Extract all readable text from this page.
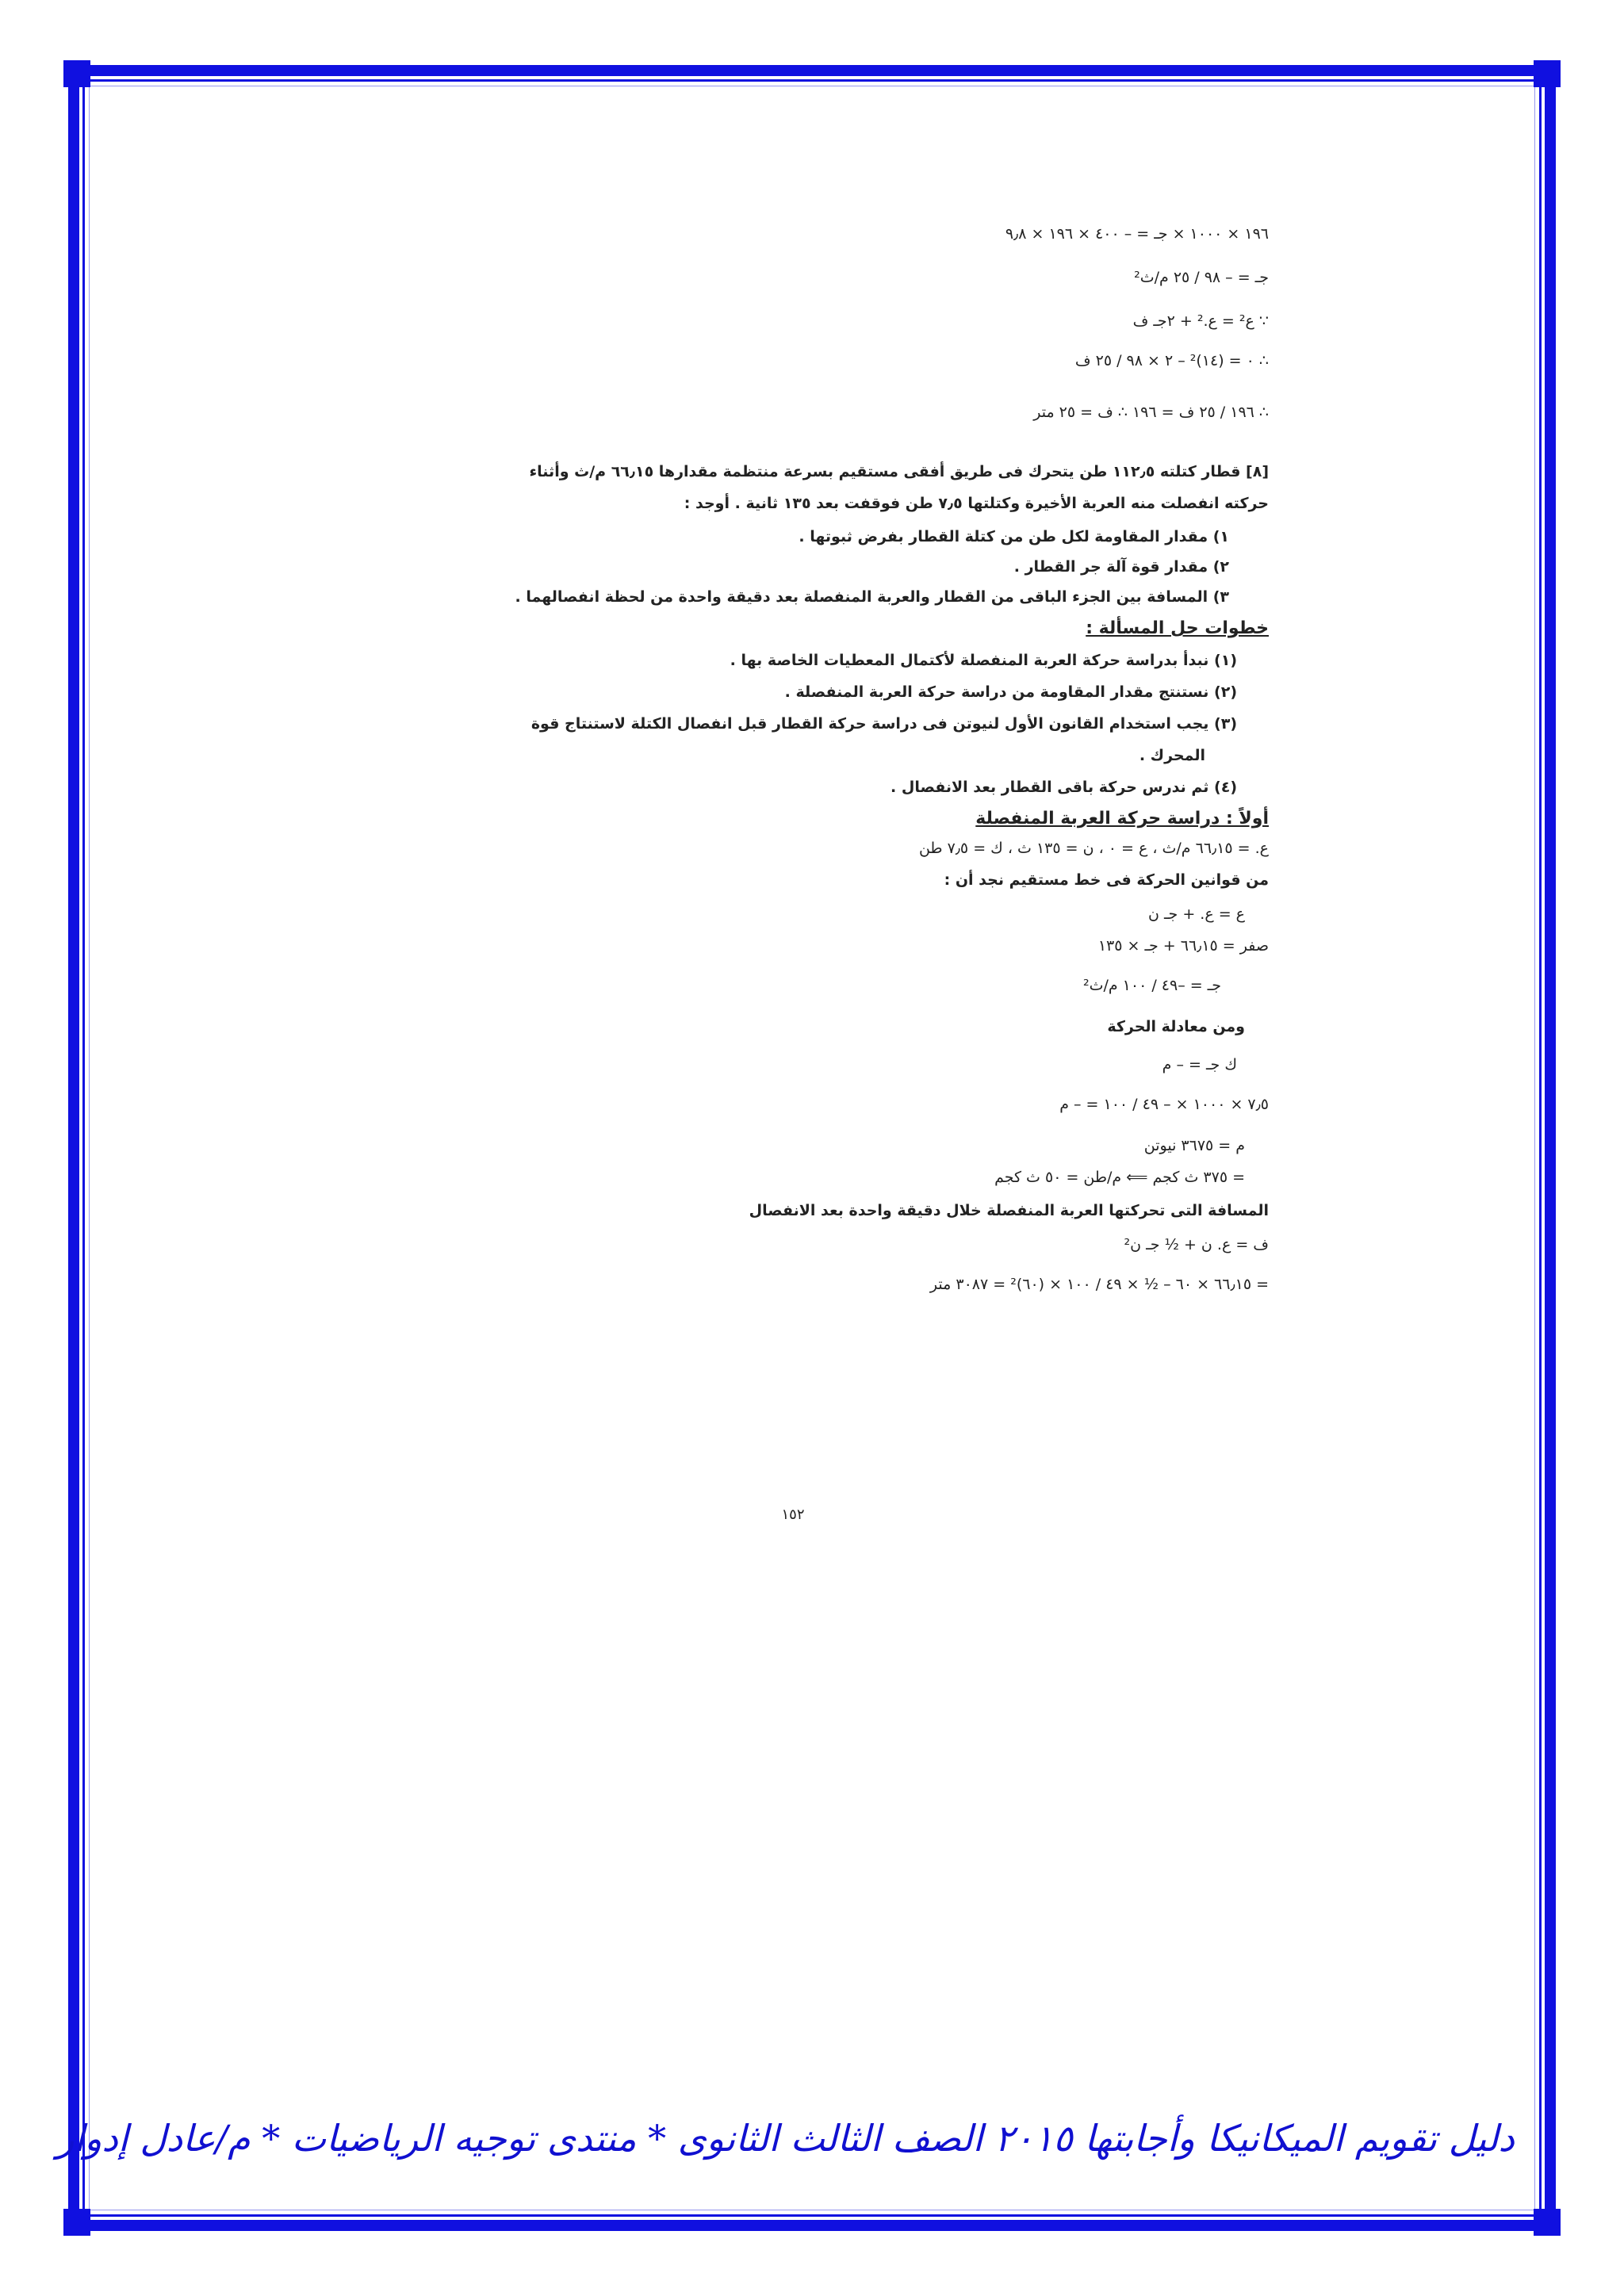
١٩٦ × ١٠٠٠ × جـ = – ٤٠٠ × ١٩٦ × ٩٫٨
جـ = – ٩٨ / ٢٥ م/ث²
∵ ع² = ع.² + ٢جـ ف
∴ ٠ = (١٤)² – ٢ × ٩٨ / ٢٥ ف
∴ ١٩٦ / ٢٥ ف = ١٩٦ ∴ ف = ٢٥ متر
[٨] قطار كتلته ١١٢٫٥ طن يتحرك فى طريق أفقى مستقيم بسرعة منتظمة مقدارها ٦٦٫١٥ م/ث وأثناء
حركته انفصلت منه العربة الأخيرة وكتلتها ٧٫٥ طن فوقفت بعد ١٣٥ ثانية . أوجد :
١) مقدار المقاومة لكل طن من كتلة القطار بفرض ثبوتها .
٢) مقدار قوة آلة جر القطار .
٣) المسافة بين الجزء الباقى من القطار والعربة المنفصلة بعد دقيقة واحدة من لحظة انفصالهما .
خطوات حل المسألة :
(١) نبدأ بدراسة حركة العربة المنفصلة لأكتمال المعطيات الخاصة بها .
(٢) نستنتج مقدار المقاومة من دراسة حركة العربة المنفصلة .
(٣) يجب استخدام القانون الأول لنيوتن فى دراسة حركة القطار قبل انفصال الكتلة لاستنتاج قوة
المحرك .
(٤) ثم ندرس حركة باقى القطار بعد الانفصال .
أولاً : دراسة حركة العربة المنفصلة
ع. = ٦٦٫١٥ م/ث ، ع = ٠ ، ن = ١٣٥ ث ، ك = ٧٫٥ طن
من قوانين الحركة فى خط مستقيم نجد أن :
ع = ع. + جـ ن
صفر = ٦٦٫١٥ + جـ × ١٣٥
جـ = –٤٩ / ١٠٠ م/ث²
ومن معادلة الحركة
ك جـ = – م
٧٫٥ × ١٠٠٠ × – ٤٩ / ١٠٠ = – م
م = ٣٦٧٥ نيوتن
= ٣٧٥ ث كجم ⟸ م/طن = ٥٠ ث كجم
المسافة التى تحركتها العربة المنفصلة خلال دقيقة واحدة بعد الانفصال
ف = ع. ن + ½ جـ ن²
= ٦٦٫١٥ × ٦٠ – ½ × ٤٩ / ١٠٠ × (٦٠)² = ٣٠٨٧ متر
١٥٢
دليل تقويم الميكانيكا وأجابتها ٢٠١٥ الصف الثالث الثانوى * منتدى توجيه الرياضيات * م/عادل إدوار
